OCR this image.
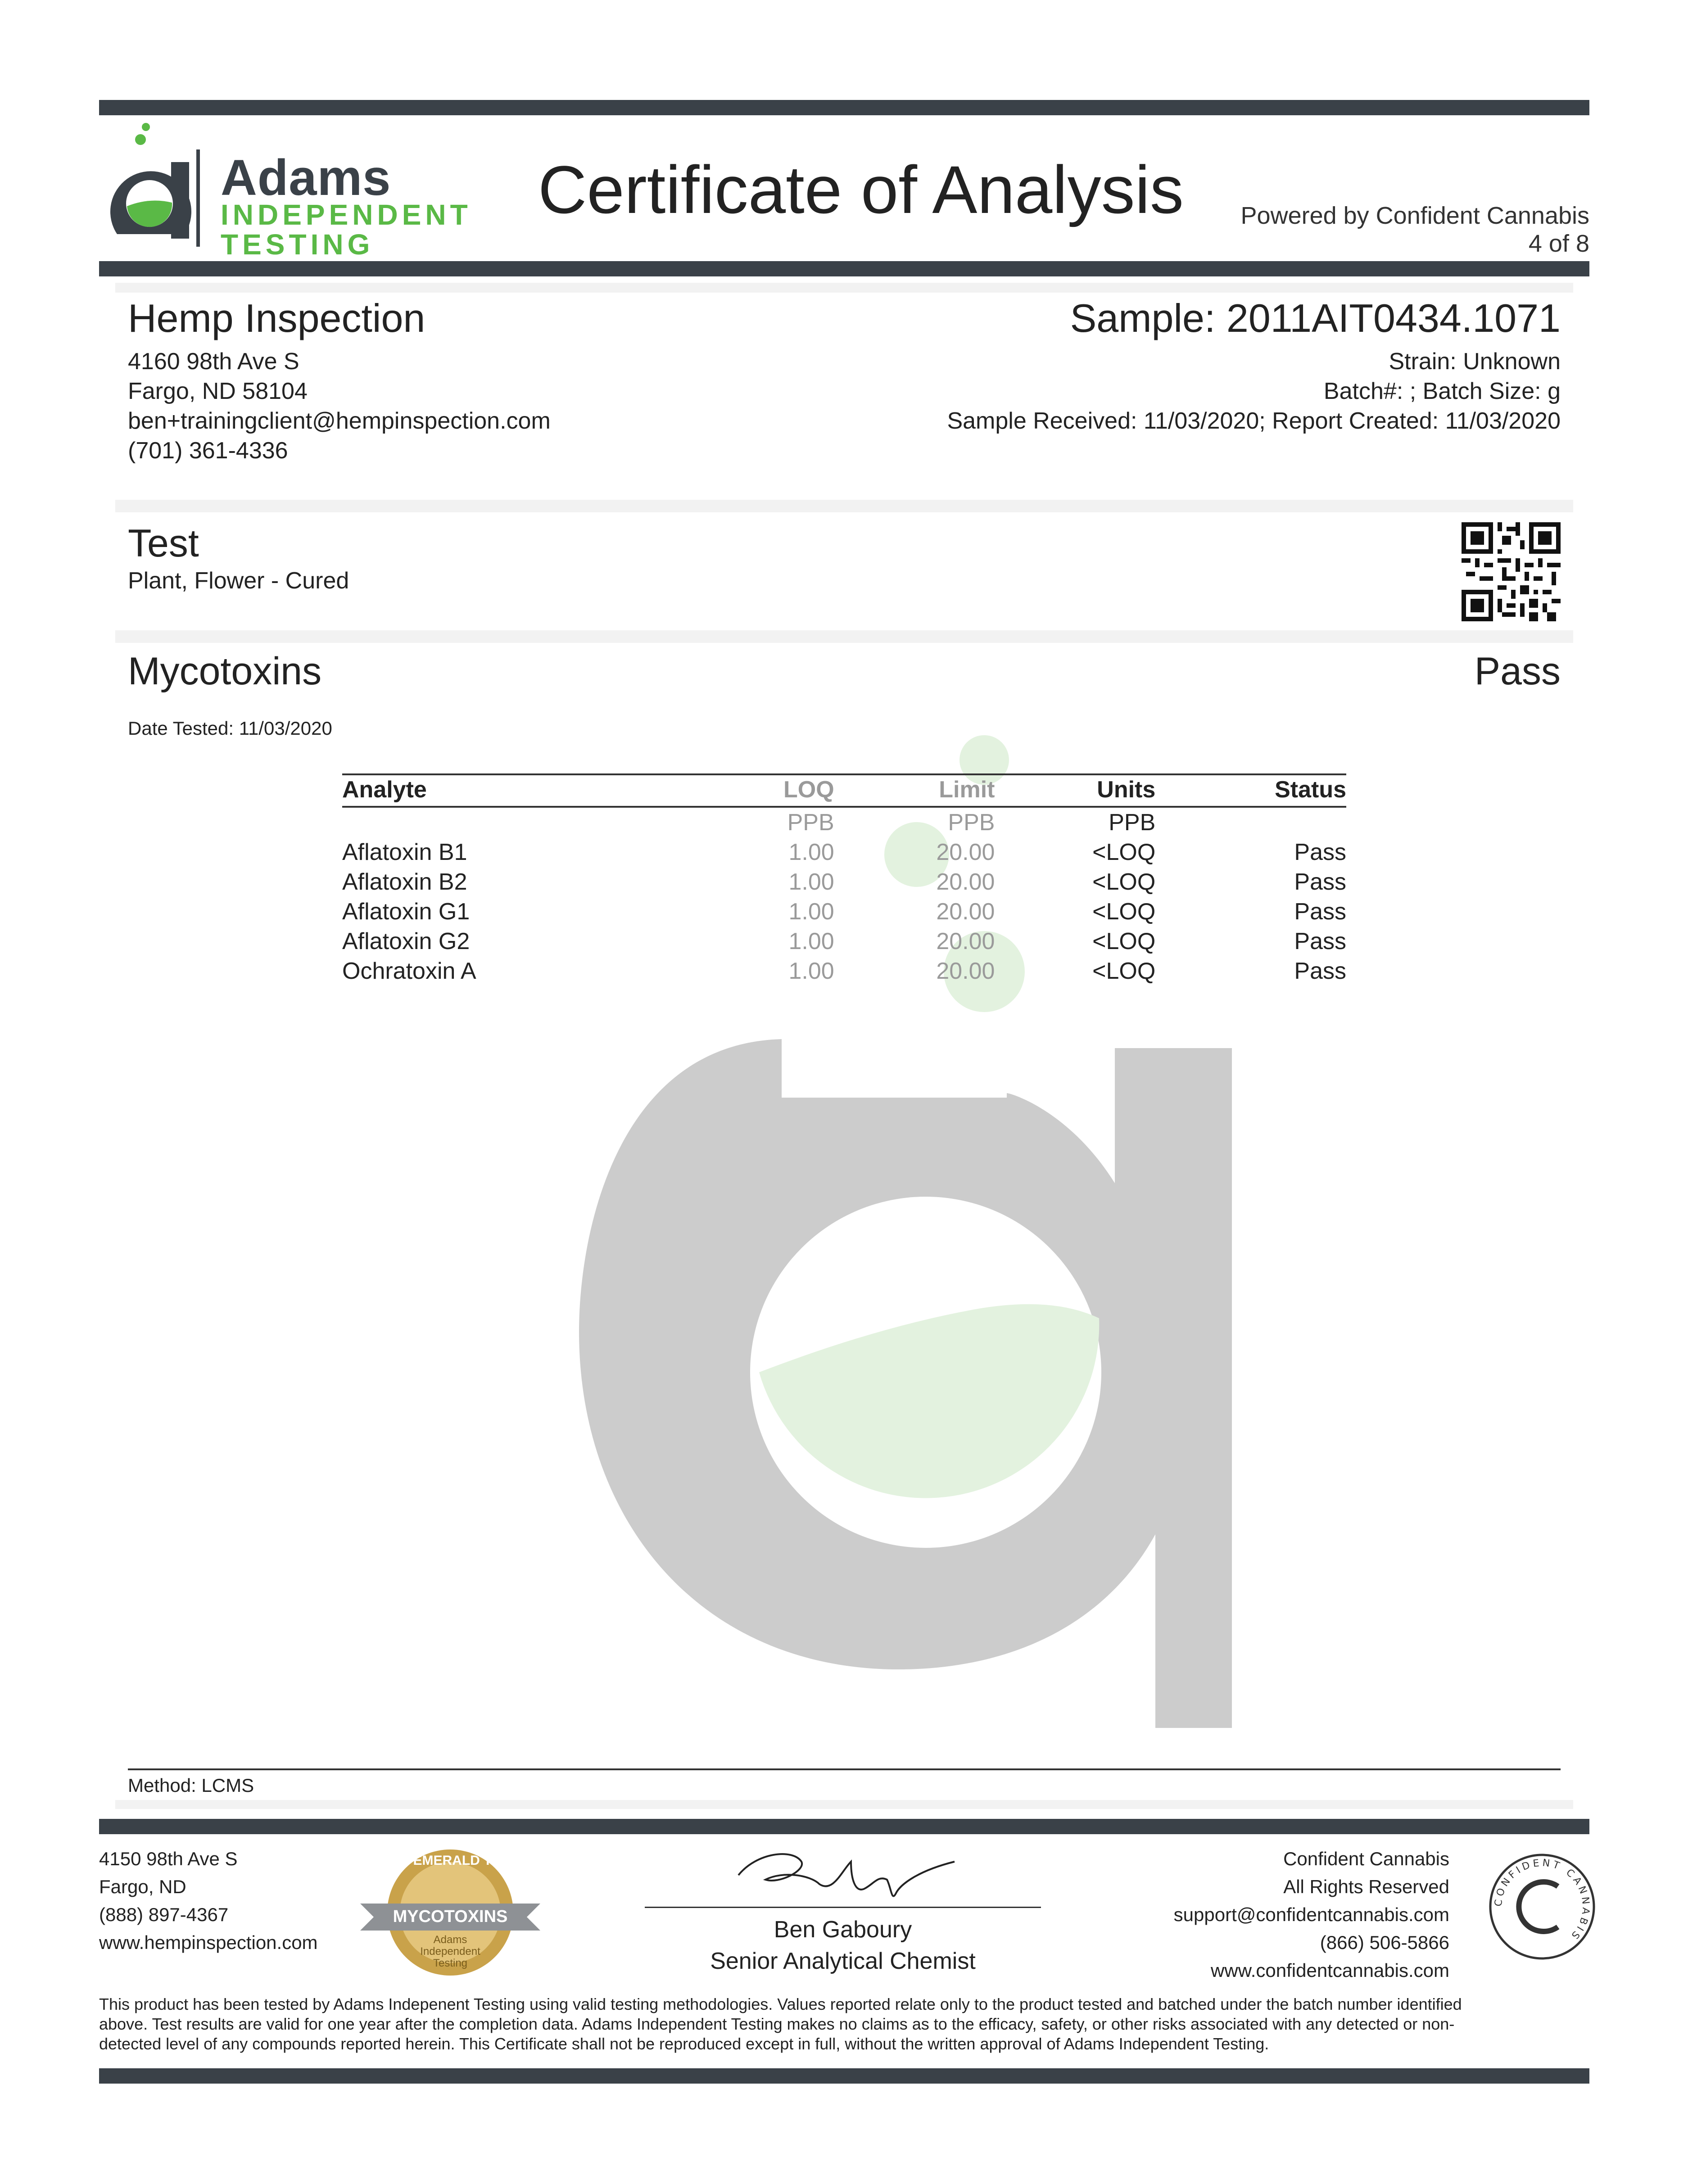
Adams
INDEPENDENT
TESTING
Certificate of Analysis Powered by Confident Cannabis
4 of 8
Hemp Inspection
4160 98th Ave S
Fargo, ND 58104
ben+trainingclient@hempinspection.com
(701) 361-4336
Sample: 2011AIT0434.1071
Strain: Unknown
Batch#: ; Batch Size: g
Sample Received: 11/03/2020; Report Created: 11/03/2020
Test
Plant, Flower - Cured
Mycotoxins	Pass
Date Tested: 11/03/2020
Method: LCMS
Analyte	LOQ	Limit	Units	Status
	PPB	PPB	PPB	
Aflatoxin B1	1.00	20.00	<LOQ	Pass
Aflatoxin B2	1.00	20.00	<LOQ	Pass
Aflatoxin G1	1.00	20.00	<LOQ	Pass
Aflatoxin G2	1.00	20.00	<LOQ	Pass
Ochratoxin A	1.00	20.00	<LOQ	Pass
4150 98th Ave S
Fargo, ND
(888) 897-4367
www.hempinspection.com
THE EMERALD TEST
MYCOTOXINS
Adams
Independent
Testing
Ben Gaboury
Senior Analytical Chemist
Confident Cannabis
All Rights Reserved
support@confidentcannabis.com
(866) 506-5866
www.confidentcannabis.com
CONFIDENT CANNABIS
This product has been tested by Adams Indepenent Testing using valid testing methodologies. Values reported relate only to the product tested and batched under the batch number identified
above. Test results are valid for one year after the completion data. Adams Independent Testing makes no claims as to the efficacy, safety, or other risks associated with any detected or non-
detected level of any compounds reported herein. This Certificate shall not be reproduced except in full, without the written approval of Adams Independent Testing.
